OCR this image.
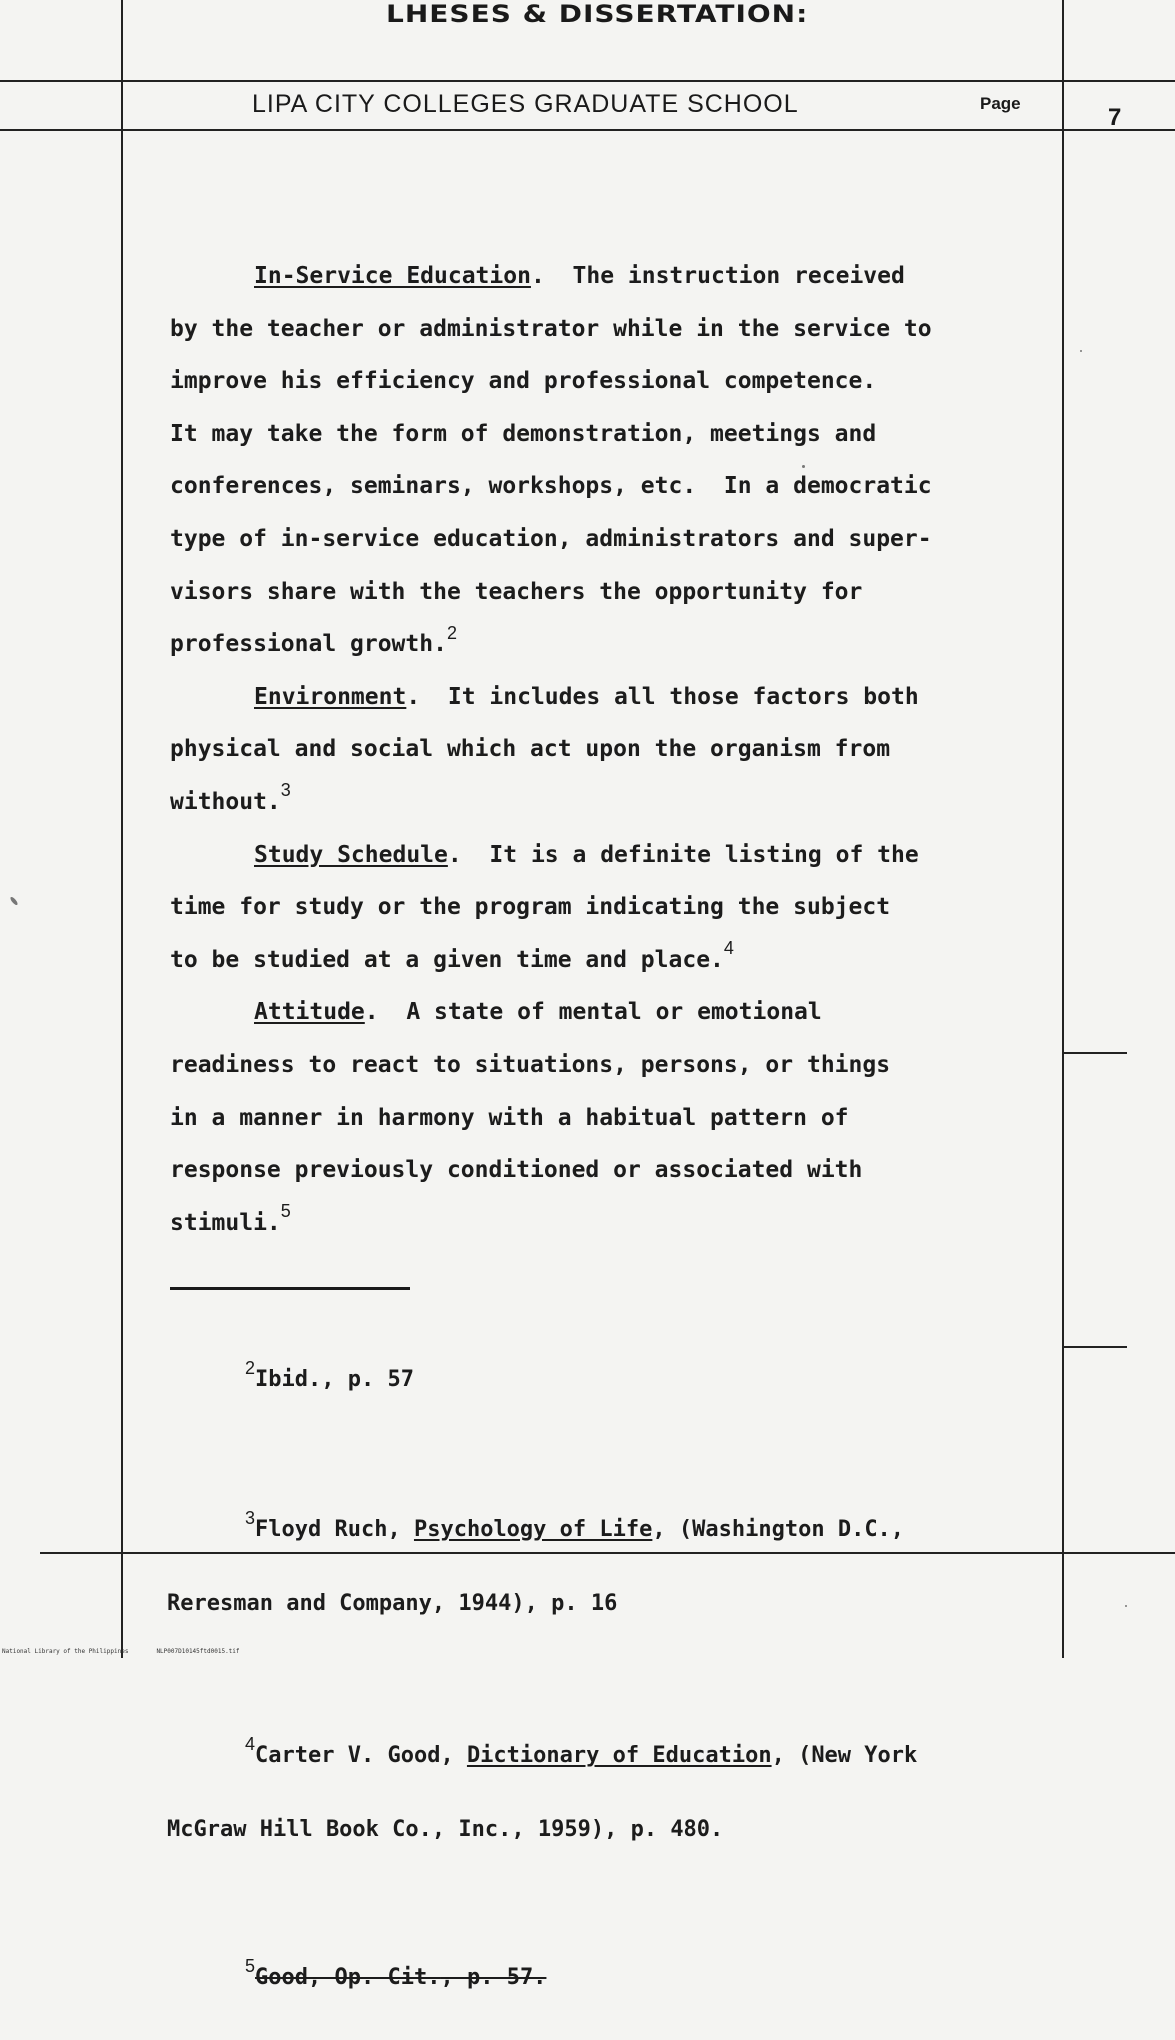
LHESES & DISSERTATION:
LIPA CITY COLLEGES GRADUATE SCHOOL	Page
7

In-Service Education.  The instruction received

by the teacher or administrator while in the service to

improve his efficiency and professional competence.

It may take the form of demonstration, meetings and

conferences, seminars, workshops, etc.  In a democratic

type of in-service education, administrators and super-

visors share with the teachers the opportunity for

professional growth.$^2$

Environment.  It includes all those factors both

physical and social which act upon the organism from

without.$^3$

Study Schedule.  It is a definite listing of the

time for study or the program indicating the subject

to be studied at a given time and place.$^4$

Attitude.  A state of mental or emotional

readiness to react to situations, persons, or things

in a manner in harmony with a habitual pattern of

response previously conditioned or associated with

stimuli.$^5$

$^2$Ibid., p. 57

$^3$Floyd Ruch, Psychology of Life, (Washington D.C.,

Reresman and Company, 1944), p. 16

$^4$Carter V. Good, Dictionary of Education, (New York

McGraw Hill Book Co., Inc., 1959), p. 480.

$^5$Good, Op. Cit., p. 57.

National Library of the Philippines	NLP007D10145ftd0015.tif
